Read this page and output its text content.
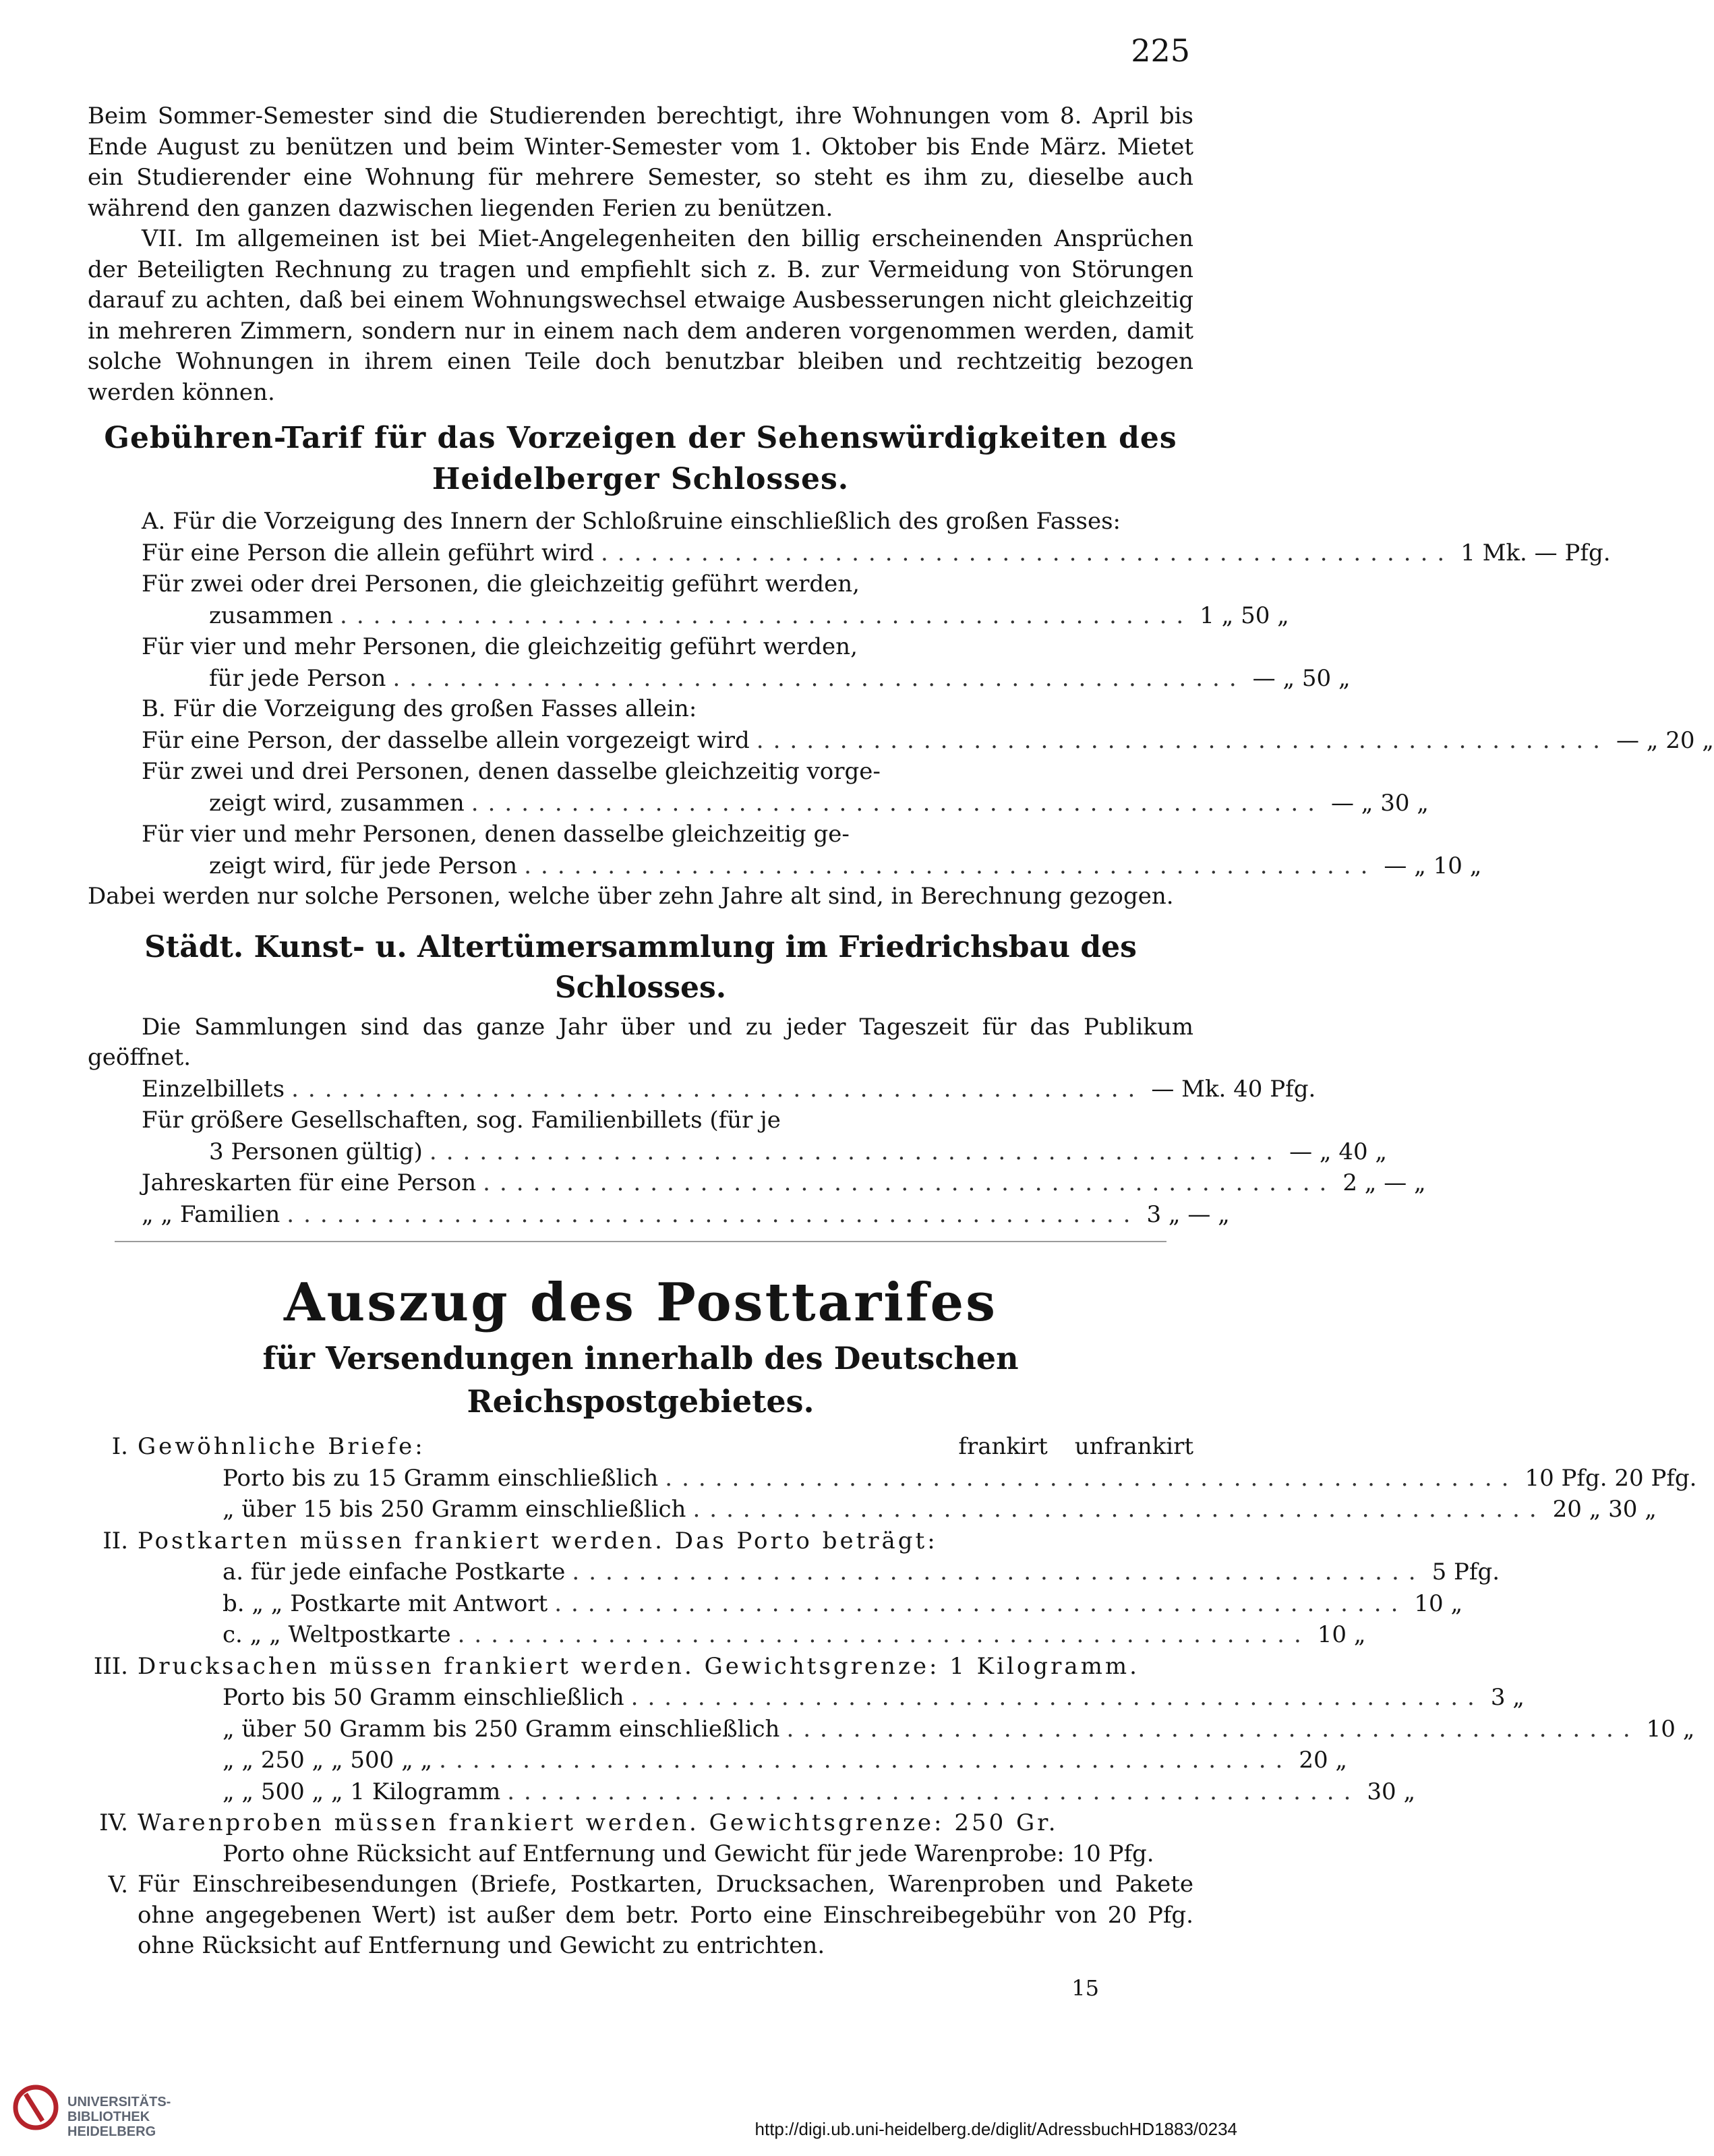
225

Beim Sommer-Semester sind die Studierenden berechtigt, ihre Wohnungen vom 8. April bis Ende August zu benützen und beim Winter-Semester vom 1. Oktober bis Ende März. Mietet ein Studierender eine Wohnung für mehrere Semester, so steht es ihm zu, dieselbe auch während den ganzen dazwischen liegenden Ferien zu benützen.

VII. Im allgemeinen ist bei Miet-Angelegenheiten den billig erscheinenden Ansprüchen der Beteiligten Rechnung zu tragen und empfiehlt sich z. B. zur Vermeidung von Störungen darauf zu achten, daß bei einem Wohnungswechsel etwaige Ausbesserungen nicht gleichzeitig in mehreren Zimmern, sondern nur in einem nach dem anderen vorgenommen werden, damit solche Wohnungen in ihrem einen Teile doch benutzbar bleiben und rechtzeitig bezogen werden können.

Gebühren-Tarif für das Vorzeigen der Sehenswürdigkeiten des Heidelberger Schlosses.

A. Für die Vorzeigung des Innern der Schloßruine einschließlich des großen Fasses:

Für eine Person die allein geführt wird ................................................... 1 Mk. — Pfg.
Für zwei oder drei Personen, die gleichzeitig geführt werden,
zusammen ................................................... 1 „ 50 „
Für vier und mehr Personen, die gleichzeitig geführt werden,
für jede Person ................................................... — „ 50 „

B. Für die Vorzeigung des großen Fasses allein:

Für eine Person, der dasselbe allein vorgezeigt wird ................................................... — „ 20 „
Für zwei und drei Personen, denen dasselbe gleichzeitig vorge-
zeigt wird, zusammen ................................................... — „ 30 „
Für vier und mehr Personen, denen dasselbe gleichzeitig ge-
zeigt wird, für jede Person ................................................... — „ 10 „

Dabei werden nur solche Personen, welche über zehn Jahre alt sind, in Berechnung gezogen.

Städt. Kunst- u. Altertümersammlung im Friedrichsbau des Schlosses.

Die Sammlungen sind das ganze Jahr über und zu jeder Tageszeit für das Publikum geöffnet.

Einzelbillets ................................................... — Mk. 40 Pfg.
Für größere Gesellschaften, sog. Familienbillets (für je
3 Personen gültig) ................................................... — „ 40 „
Jahreskarten für eine Person ................................................... 2 „ — „
„ „ Familien ................................................... 3 „ — „

Auszug des Posttarifes

für Versendungen innerhalb des Deutschen Reichspostgebietes.

I. Gewöhnliche Briefe:	frankirt unfrankirt
Porto bis zu 15 Gramm einschließlich ................................................... 10 Pfg. 20 Pfg.
„ über 15 bis 250 Gramm einschließlich ................................................... 20 „ 30 „
II. Postkarten müssen frankiert werden. Das Porto beträgt:
a. für jede einfache Postkarte ................................................... 5 Pfg.
b. „ „ Postkarte mit Antwort ................................................... 10 „
c. „ „ Weltpostkarte ................................................... 10 „
III. Drucksachen müssen frankiert werden. Gewichtsgrenze: 1 Kilogramm.
Porto bis 50 Gramm einschließlich ................................................... 3 „
„ über 50 Gramm bis 250 Gramm einschließlich ................................................... 10 „
„ „ 250 „ „ 500 „ „ ................................................... 20 „
„ „ 500 „ „ 1 Kilogramm ................................................... 30 „
IV. Warenproben müssen frankiert werden. Gewichtsgrenze: 250 Gr.

Porto ohne Rücksicht auf Entfernung und Gewicht für jede Warenprobe: 10 Pfg.

V. Für Einschreibesendungen (Briefe, Postkarten, Drucksachen, Warenproben und Pakete ohne angegebenen Wert) ist außer dem betr. Porto eine Einschreibegebühr von 20 Pfg. ohne Rücksicht auf Entfernung und Gewicht zu entrichten.

15
UNIVERSITÄTS-
BIBLIOTHEK
HEIDELBERG	http://digi.ub.uni-heidelberg.de/diglit/AdressbuchHD1883/0234
